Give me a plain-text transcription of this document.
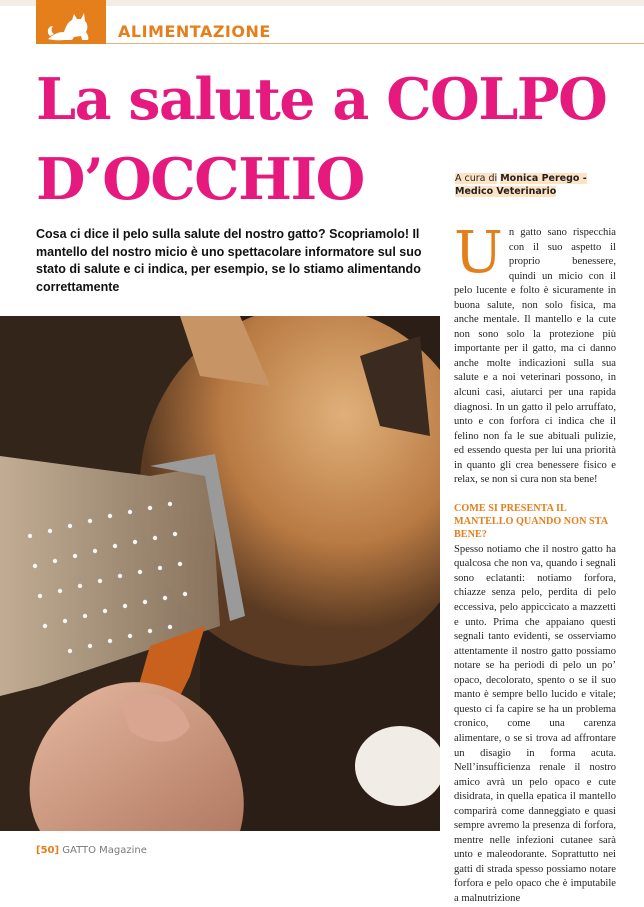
ALIMENTAZIONE
La salute a COLPO
D’OCCHIO	A cura di Monica Perego -
Medico Veterinario
Cosa ci dice il pelo sulla salute del nostro gatto? Scopriamolo! Il mantello del nostro micio è uno spettacolare informatore sul suo stato di salute e ci indica, per esempio, se lo stiamo alimentando correttamente
U n gatto sano rispecchia con il suo aspetto il proprio benessere, quindi un micio con il pelo lucente e folto è sicuramente in buona salute, non solo fisica, ma anche mentale. Il mantello e la cute non sono solo la protezione più importante per il gatto, ma ci danno anche molte indicazioni sulla sua salute e a noi veterinari possono, in alcuni casi, aiutarci per una rapida diagnosi. In un gatto il pelo arruffato, unto e con forfora ci indica che il felino non fa le sue abituali pulizie, ed essendo questa per lui una priorità in quanto gli crea benessere fisico e relax, se non si cura non sta bene!

COME SI PRESENTA IL MANTELLO QUANDO NON STA BENE?

Spesso notiamo che il nostro gatto ha qualcosa che non va, quando i segnali sono eclatanti: notiamo forfora, chiazze senza pelo, perdita di pelo eccessiva, pelo appiccicato a mazzetti e unto. Prima che appaiano questi segnali tanto evidenti, se osserviamo attentamente il nostro gatto possiamo notare se ha periodi di pelo un po’ opaco, decolorato, spento o se il suo manto è sempre bello lucido e vitale; questo ci fa capire se ha un problema cronico, come una carenza alimentare, o se si trova ad affrontare un disagio in forma acuta. Nell’insufficienza renale il nostro amico avrà un pelo opaco e cute disidrata, in quella epatica il mantello comparirà come danneggiato e quasi sempre avremo la presenza di forfora, mentre nelle infezioni cutanee sarà unto e maleodorante. Soprattutto nei gatti di strada spesso possiamo notare forfora e pelo opaco che è imputabile a malnutrizione

[50] GATTO Magazine
